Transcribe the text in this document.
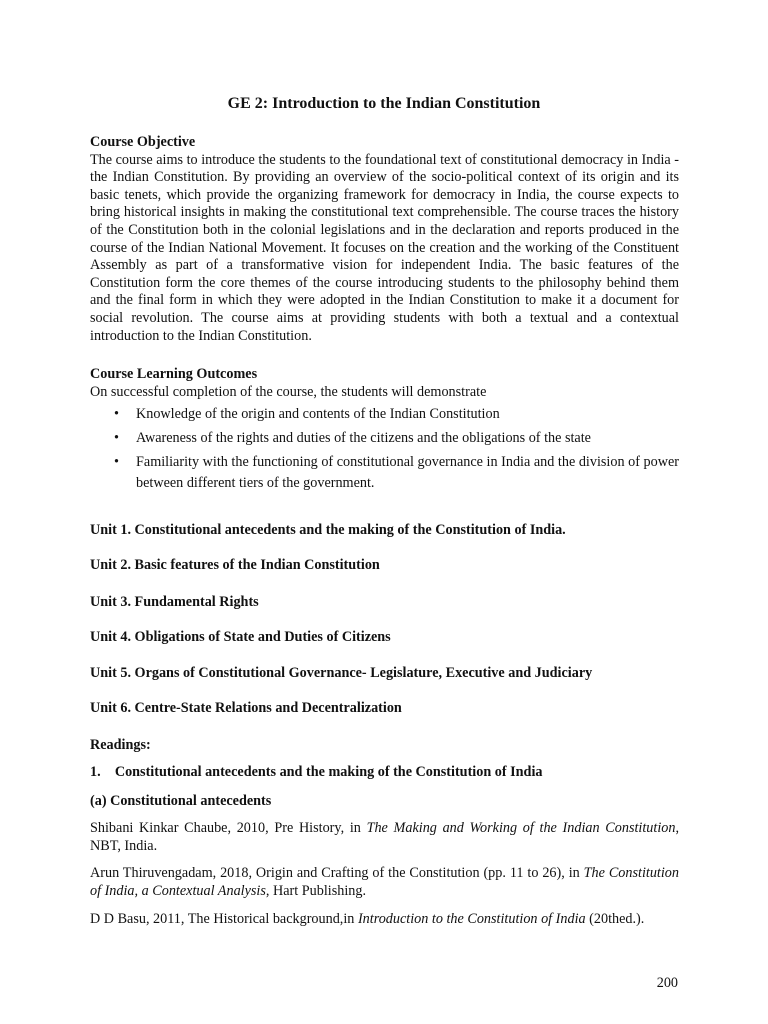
GE 2: Introduction to the Indian Constitution
Course Objective
The course aims to introduce the students to the foundational text of constitutional democracy in India - the Indian Constitution. By providing an overview of the socio-political context of its origin and its basic tenets, which provide the organizing framework for democracy in India, the course expects to bring historical insights in making the constitutional text comprehensible. The course traces the history of the Constitution both in the colonial legislations and in the declaration and reports produced in the course of the Indian National Movement. It focuses on the creation and the working of the Constituent Assembly as part of a transformative vision for independent India. The basic features of the Constitution form the core themes of the course introducing students to the philosophy behind them and the final form in which they were adopted in the Indian Constitution to make it a document for social revolution. The course aims at providing students with both a textual and a contextual introduction to the Indian Constitution.
Course Learning Outcomes
On successful completion of the course, the students will demonstrate
• Knowledge of the origin and contents of the Indian Constitution
• Awareness of the rights and duties of the citizens and the obligations of the state
• Familiarity with the functioning of constitutional governance in India and the division of power between different tiers of the government.
Unit 1. Constitutional antecedents and the making of the Constitution of India.
Unit 2. Basic features of the Indian Constitution
Unit 3. Fundamental Rights
Unit 4. Obligations of State and Duties of Citizens
Unit 5. Organs of Constitutional Governance- Legislature, Executive and Judiciary
Unit 6. Centre-State Relations and Decentralization
Readings:
1. Constitutional antecedents and the making of the Constitution of India
(a) Constitutional antecedents
Shibani Kinkar Chaube, 2010, Pre History, in The Making and Working of the Indian Constitution, NBT, India.
Arun Thiruvengadam, 2018, Origin and Crafting of the Constitution (pp. 11 to 26), in The Constitution of India, a Contextual Analysis, Hart Publishing.
D D Basu, 2011, The Historical background,in Introduction to the Constitution of India (20thed.).
200
